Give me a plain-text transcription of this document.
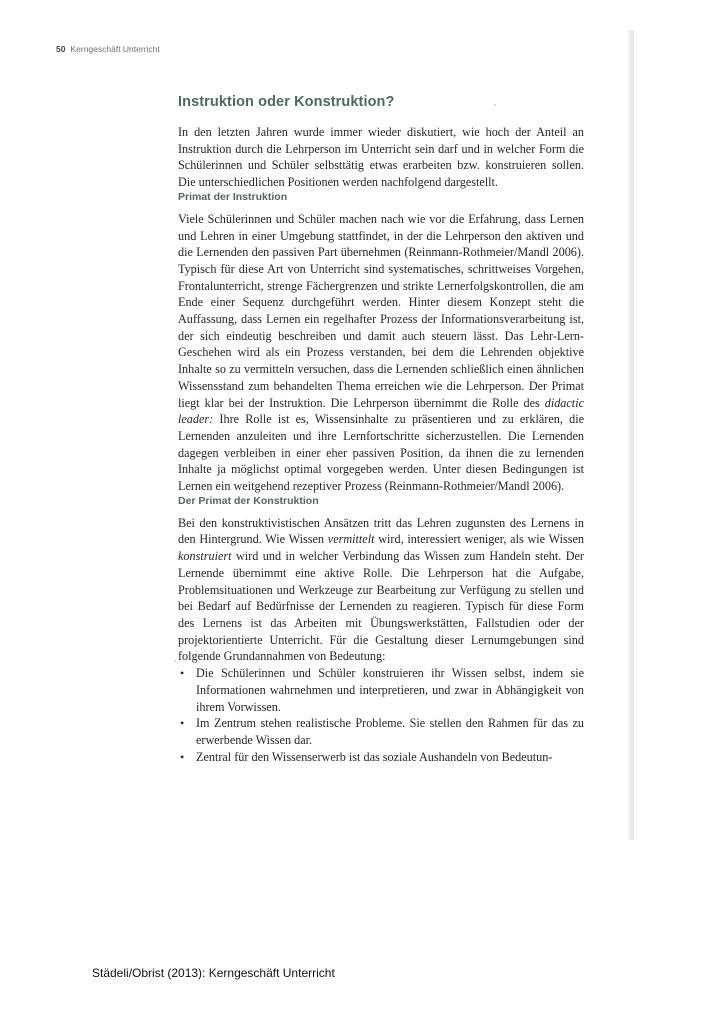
50 Kerngeschäft Unterricht
Instruktion oder Konstruktion?

In den letzten Jahren wurde immer wieder diskutiert, wie hoch der Anteil an Instruktion durch die Lehrperson im Unterricht sein darf und in welcher Form die Schülerinnen und Schüler selbsttätig etwas erarbeiten bzw. konstruieren sollen. Die unterschiedlichen Positionen werden nachfolgend dargestellt.

Primat der Instruktion

Viele Schülerinnen und Schüler machen nach wie vor die Erfahrung, dass Lernen und Lehren in einer Umgebung stattfindet, in der die Lehrperson den aktiven und die Lernenden den passiven Part übernehmen (Reinmann-Rothmeier/Mandl 2006). Typisch für diese Art von Unterricht sind systematisches, schrittweises Vorgehen, Frontalunterricht, strenge Fächergrenzen und strikte Lernerfolgskontrollen, die am Ende einer Sequenz durchgeführt werden. Hinter diesem Konzept steht die Auffassung, dass Lernen ein regelhafter Prozess der Informationsverarbeitung ist, der sich eindeutig beschreiben und damit auch steuern lässt. Das Lehr-Lern-Geschehen wird als ein Prozess verstanden, bei dem die Lehrenden objektive Inhalte so zu vermitteln versuchen, dass die Lernenden schließlich einen ähnlichen Wissensstand zum behandelten Thema erreichen wie die Lehrperson. Der Primat liegt klar bei der Instruktion. Die Lehrperson übernimmt die Rolle des didactic leader: Ihre Rolle ist es, Wissensinhalte zu präsentieren und zu erklären, die Lernenden anzuleiten und ihre Lernfortschritte sicherzustellen. Die Lernenden dagegen verbleiben in einer eher passiven Position, da ihnen die zu lernenden Inhalte ja möglichst optimal vorgegeben werden. Unter diesen Bedingungen ist Lernen ein weitgehend rezeptiver Prozess (Reinmann-Rothmeier/Mandl 2006).

Der Primat der Konstruktion

Bei den konstruktivistischen Ansätzen tritt das Lehren zugunsten des Lernens in den Hintergrund. Wie Wissen vermittelt wird, interessiert weniger, als wie Wissen konstruiert wird und in welcher Verbindung das Wissen zum Handeln steht. Der Lernende übernimmt eine aktive Rolle. Die Lehrperson hat die Aufgabe, Problemsituationen und Werkzeuge zur Bearbeitung zur Verfügung zu stellen und bei Bedarf auf Bedürfnisse der Lernenden zu reagieren. Typisch für diese Form des Lernens ist das Arbeiten mit Übungswerkstätten, Fallstudien oder der projektorientierte Unterricht. Für die Gestaltung dieser Lernumgebungen sind folgende Grundannahmen von Bedeutung:

• Die Schülerinnen und Schüler konstruieren ihr Wissen selbst, indem sie Informationen wahrnehmen und interpretieren, und zwar in Abhängigkeit von ihrem Vorwissen.
• Im Zentrum stehen realistische Probleme. Sie stellen den Rahmen für das zu erwerbende Wissen dar.
• Zentral für den Wissenserwerb ist das soziale Aushandeln von Bedeutun-
Städeli/Obrist (2013): Kerngeschäft Unterricht
